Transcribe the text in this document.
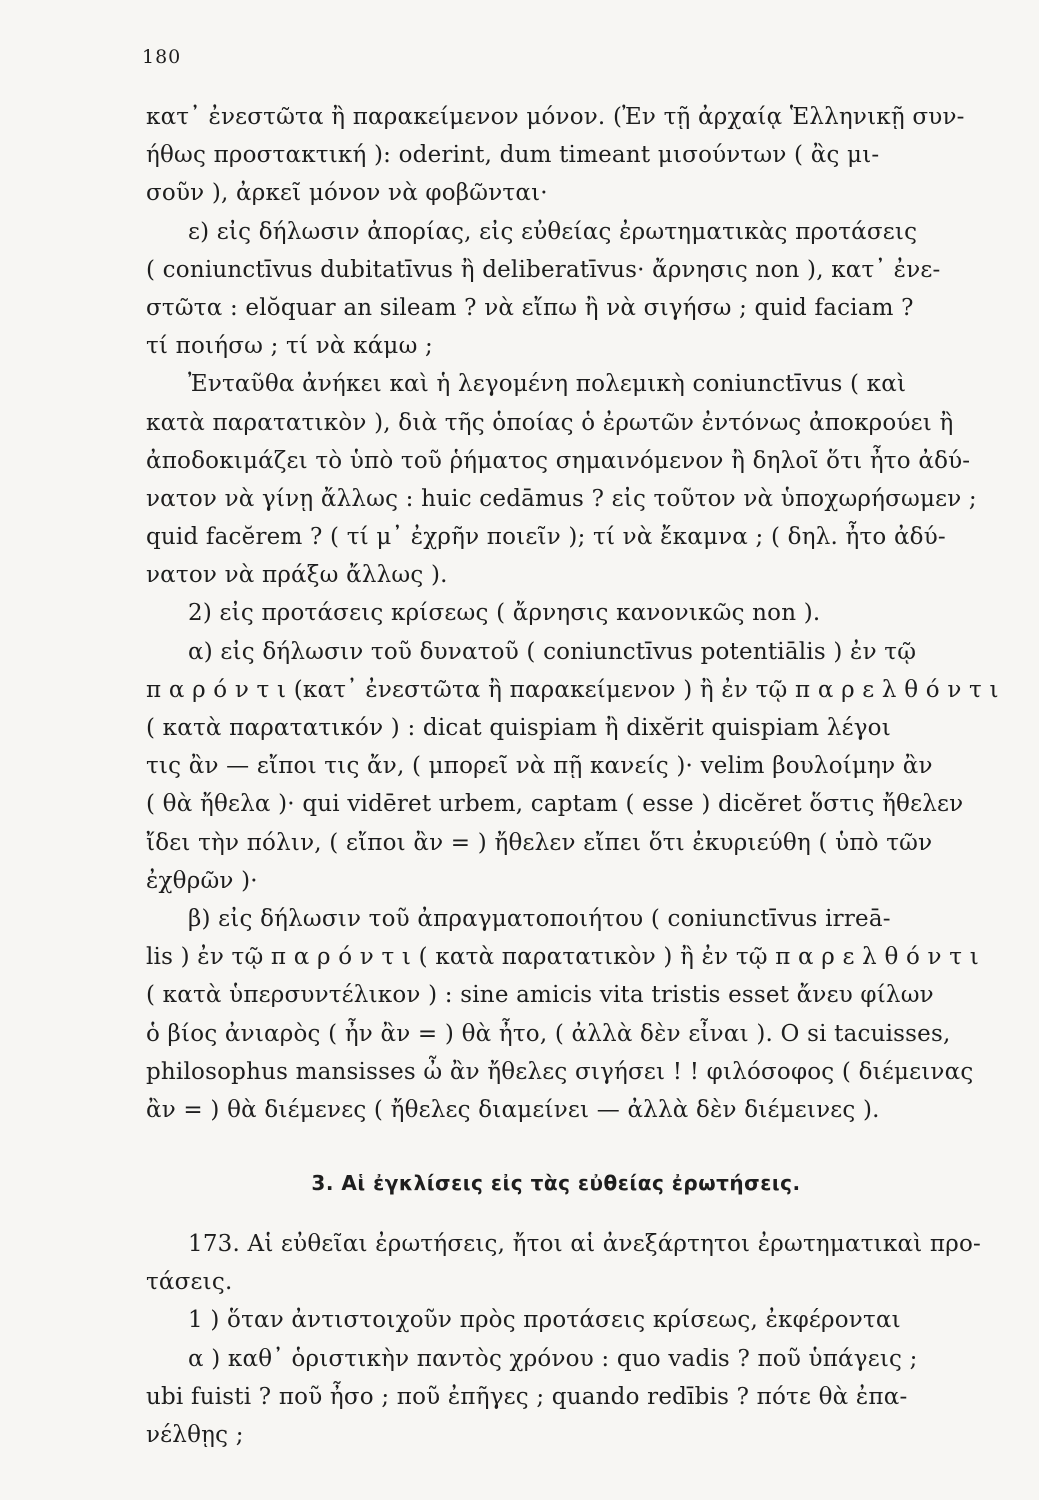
180
κατ᾽ ἐνεστῶτα ἢ παρακείμενον μόνον. (Ἐν τῇ ἀρχαίᾳ Ἑλληνικῇ συν-
ήθως προστακτική ): oderint, dum timeant μισούντων ( ἂς μι-
σοῦν ), ἀρκεῖ μόνον νὰ φοβῶνται·
ε) εἰς δήλωσιν ἀπορίας, εἰς εὐθείας ἐρωτηματικὰς προτάσεις
( coniunctīvus dubitatīvus ἢ deliberatīvus· ἄρνησις non ), κατ᾽ ἐνε-
στῶτα : elŏquar an sileam ? νὰ εἴπω ἢ νὰ σιγήσω ; quid faciam ?
τί ποιήσω ; τί νὰ κάμω ;
Ἐνταῦθα ἀνήκει καὶ ἡ λεγομένη πολεμικὴ coniunctīvus ( καὶ
κατὰ παρατατικὸν ), διὰ τῆς ὁποίας ὁ ἐρωτῶν ἐντόνως ἀποκρούει ἢ
ἀποδοκιμάζει τὸ ὑπὸ τοῦ ῥήματος σημαινόμενον ἢ δηλοῖ ὅτι ἦτο ἀδύ-
νατον νὰ γίνῃ ἄλλως : huic cedāmus ? εἰς τοῦτον νὰ ὑποχωρήσωμεν ;
quid facĕrem ? ( τί μ᾽ ἐχρῆν ποιεῖν ); τί νὰ ἔκαμνα ; ( δηλ. ἦτο ἀδύ-
νατον νὰ πράξω ἄλλως ).
2) εἰς προτάσεις κρίσεως ( ἄρνησις κανονικῶς non ).
α) εἰς δήλωσιν τοῦ δυνατοῦ ( coniunctīvus potentiālis ) ἐν τῷ
π α ρ ό ν τ ι (κατ᾽ ἐνεστῶτα ἢ παρακείμενον ) ἢ ἐν τῷ π α ρ ε λ θ ό ν τ ι
( κατὰ παρατατικόν ) : dicat quispiam ἢ dixĕrit quispiam λέγοι
τις ἂν — εἴποι τις ἄν, ( μπορεῖ νὰ πῇ κανείς )· velim βουλοίμην ἂν
( θὰ ἤθελα )· qui vidēret urbem, captam ( esse ) dicĕret ὅστις ἤθελεν
ἴδει τὴν πόλιν, ( εἴποι ἂν = ) ἤθελεν εἴπει ὅτι ἐκυριεύθη ( ὑπὸ τῶν
ἐχθρῶν )·
β) εἰς δήλωσιν τοῦ ἀπραγματοποιήτου ( coniunctīvus irreā-
lis ) ἐν τῷ π α ρ ό ν τ ι ( κατὰ παρατατικὸν ) ἢ ἐν τῷ π α ρ ε λ θ ό ν τ ι
( κατὰ ὑπερσυντέλικον ) : sine amicis vita tristis esset ἄνευ φίλων
ὁ βίος ἀνιαρὸς ( ἦν ἂν = ) θὰ ἦτο, ( ἀλλὰ δὲν εἶναι ). O si tacuisses,
philosophus mansisses ὦ ἂν ἤθελες σιγήσει ! ! φιλόσοφος ( διέμεινας
ἂν = ) θὰ διέμενες ( ἤθελες διαμείνει — ἀλλὰ δὲν διέμεινες ).
3. Αἱ ἐγκλίσεις εἰς τὰς εὐθείας ἐρωτήσεις.
173. Αἱ εὐθεῖαι ἐρωτήσεις, ἤτοι αἱ ἀνεξάρτητοι ἐρωτηματικαὶ προ-
τάσεις.
1 ) ὅταν ἀντιστοιχοῦν πρὸς προτάσεις κρίσεως, ἐκφέρονται
α ) καθ᾽ ὁριστικὴν παντὸς χρόνου : quo vadis ? ποῦ ὑπάγεις ;
ubi fuisti ? ποῦ ἦσο ; ποῦ ἐπῆγες ; quando redībis ? πότε θὰ ἐπα-
νέλθῃς ;
